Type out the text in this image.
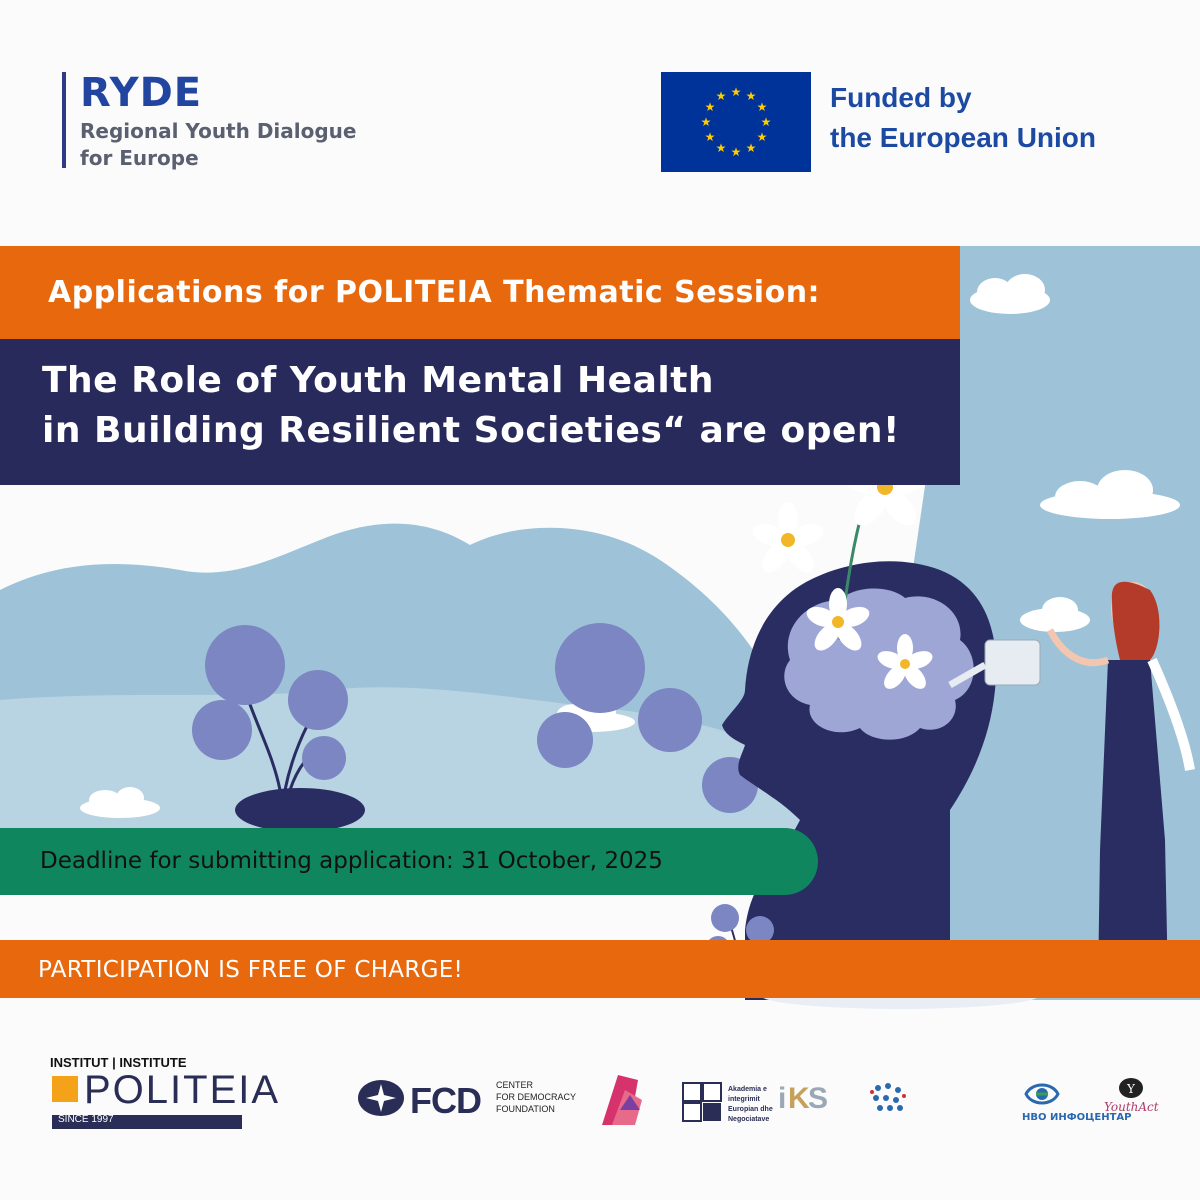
RYDE
Regional Youth Dialogue
for Europe
★ ★
★
★
★
★
★
★
★
★
★
★	Funded by
the European Union
Applications for POLITEIA Thematic Session:
The Role of Youth Mental Health
in Building Resilient Societies“ are open!
Deadline for submitting application: 31 October, 2025
PARTICIPATION IS FREE OF CHARGE!
INSTITUT | INSTITUTE
POLITEIA
SINCE 1997	FCD CENTER
FOR DEMOCRACY
FOUNDATION
Akademia e
integrimit
Europian dhe
Negociatave
i K
S
НВО ИНФОЦЕНТАР
Y
YouthAct
